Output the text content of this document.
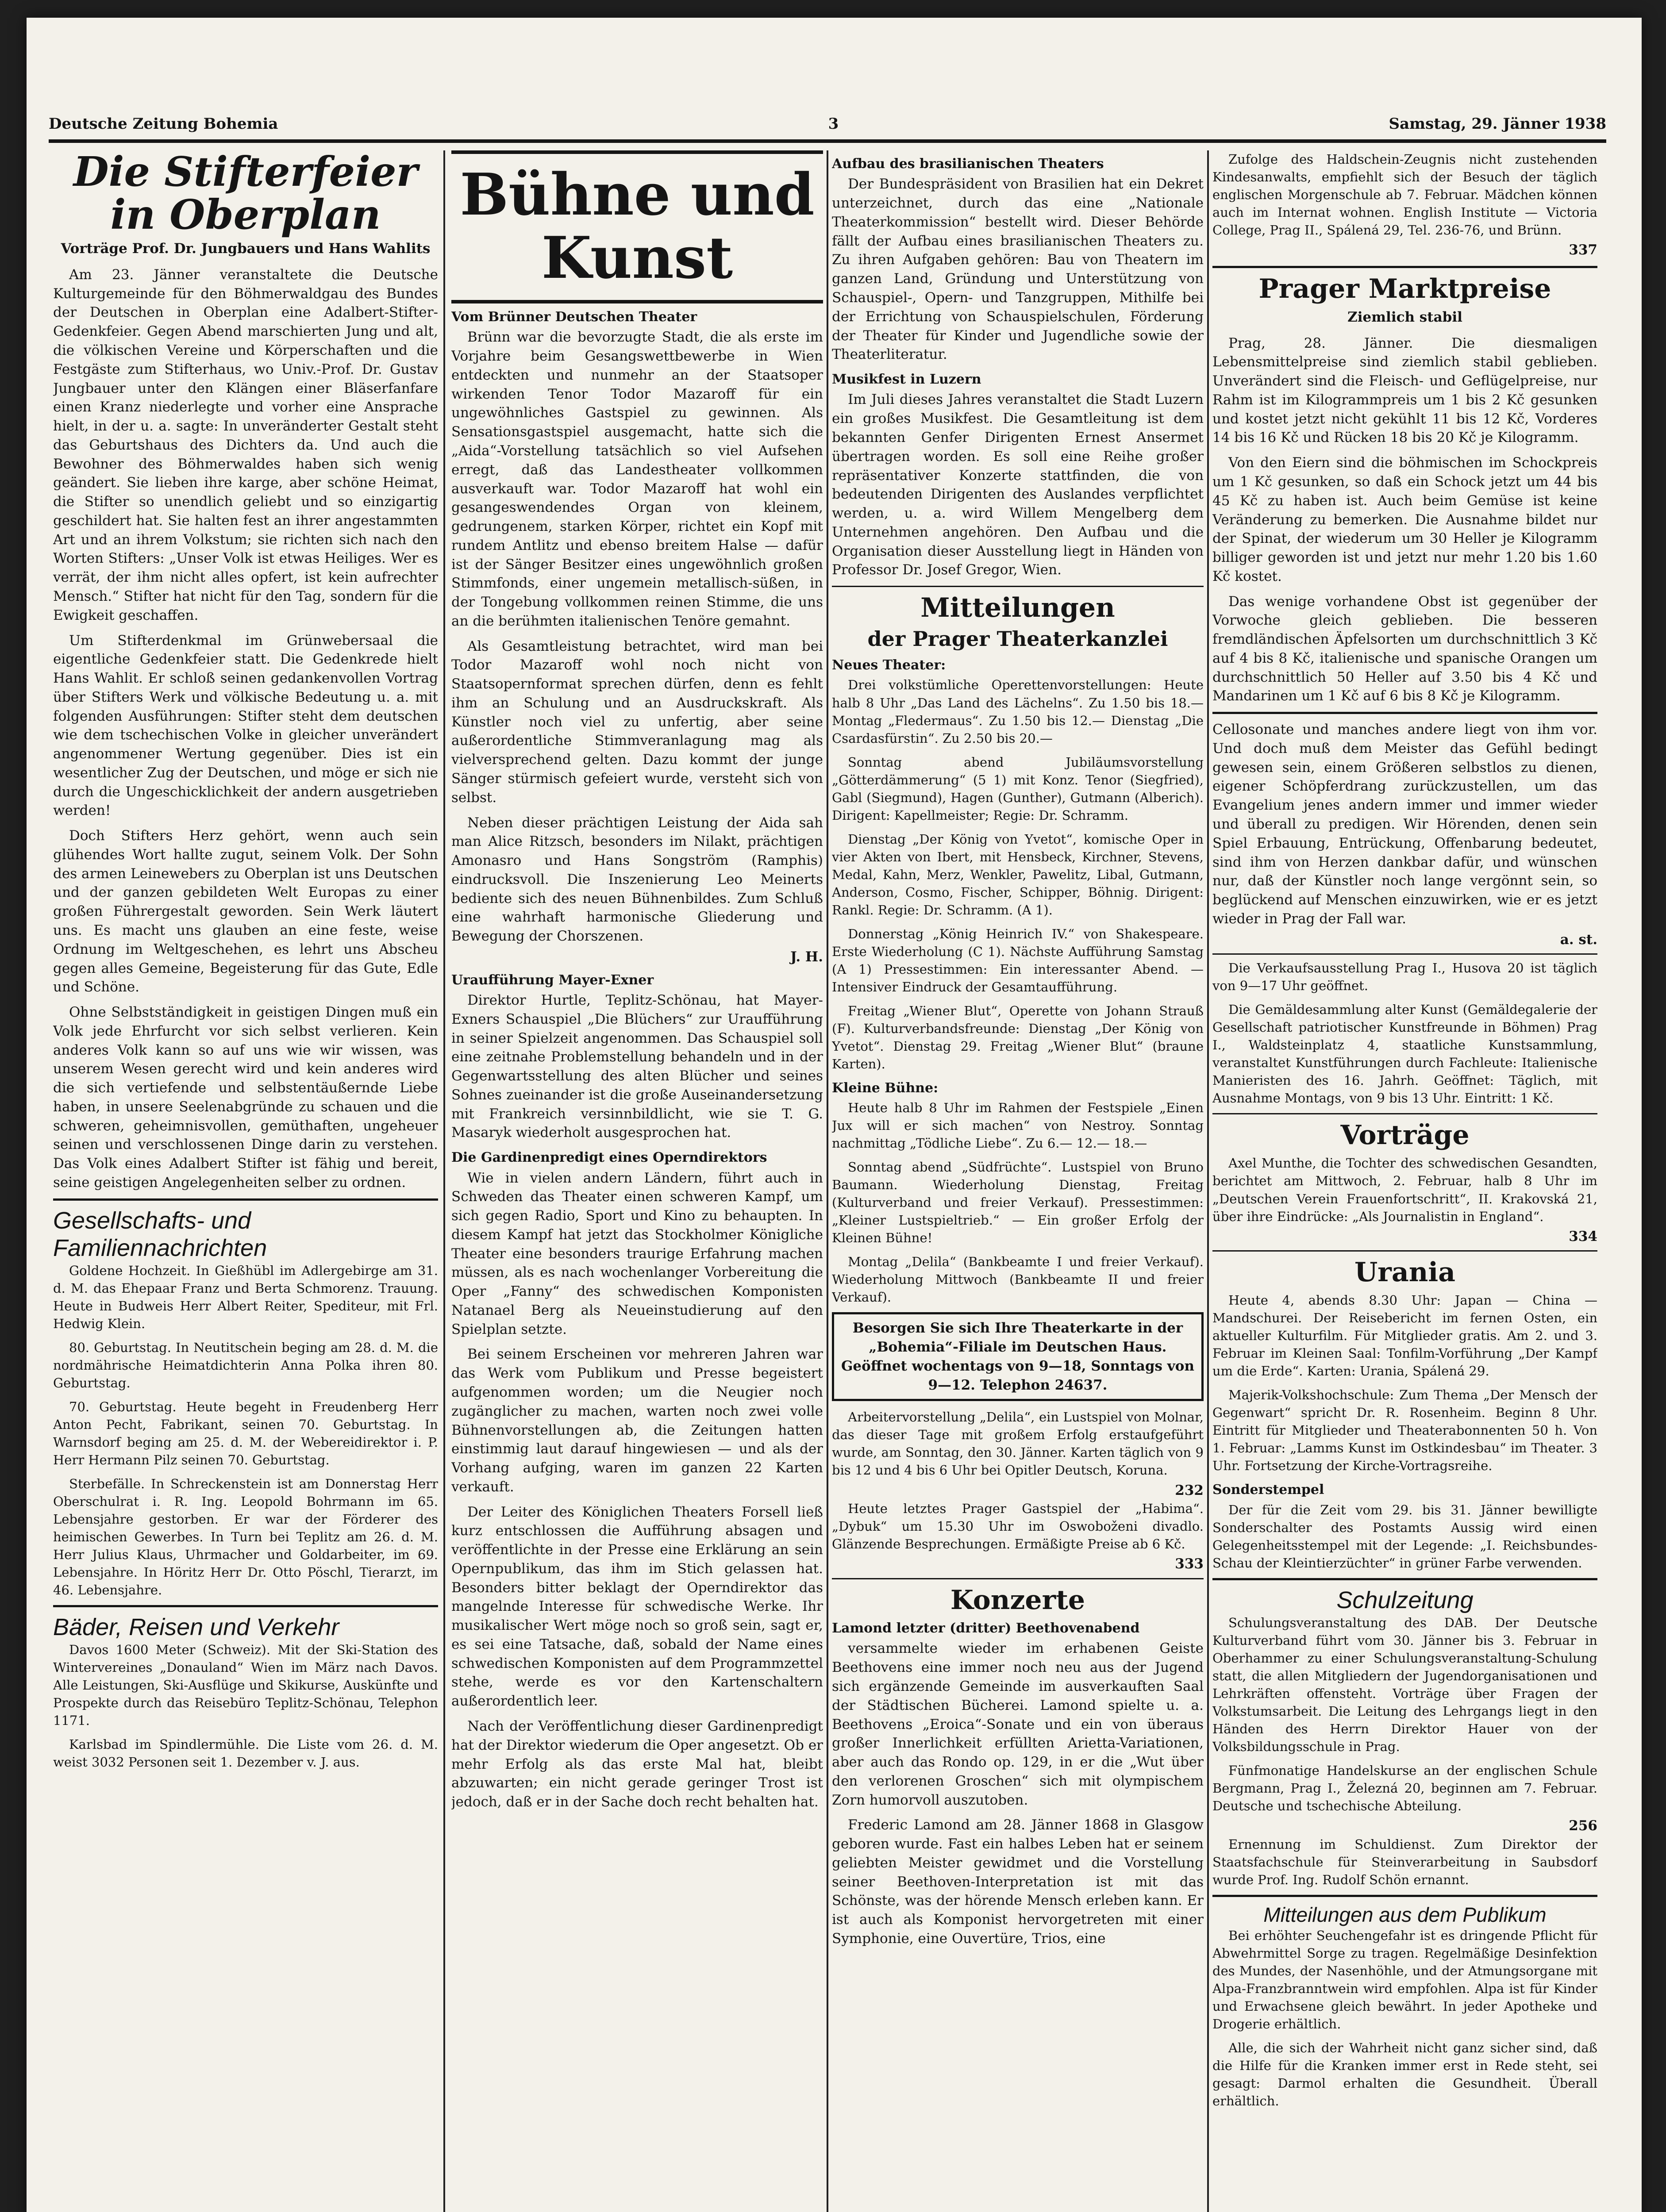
Deutsche Zeitung Bohemia	3	Samstag, 29. Jänner 1938
Die Stifterfeier
in Oberplan
Vorträge Prof. Dr. Jungbauers und Hans Wahlits

Am 23. Jänner veranstaltete die Deutsche Kulturgemeinde für den Böhmerwaldgau des Bundes der Deutschen in Oberplan eine Adalbert-Stifter-Gedenkfeier. Gegen Abend marschierten Jung und alt, die völkischen Vereine und Körperschaften und die Festgäste zum Stifterhaus, wo Univ.-Prof. Dr. Gustav Jungbauer unter den Klängen einer Bläserfanfare einen Kranz niederlegte und vorher eine Ansprache hielt, in der u. a. sagte: In unveränderter Gestalt steht das Geburtshaus des Dichters da. Und auch die Bewohner des Böhmerwaldes haben sich wenig geändert. Sie lieben ihre karge, aber schöne Heimat, die Stifter so unendlich geliebt und so einzigartig geschildert hat. Sie halten fest an ihrer angestammten Art und an ihrem Volkstum; sie richten sich nach den Worten Stifters: „Unser Volk ist etwas Heiliges. Wer es verrät, der ihm nicht alles opfert, ist kein aufrechter Mensch.“ Stifter hat nicht für den Tag, sondern für die Ewigkeit geschaffen.

Um Stifterdenkmal im Grünwebersaal die eigentliche Gedenkfeier statt. Die Gedenkrede hielt Hans Wahlit. Er schloß seinen gedankenvollen Vortrag über Stifters Werk und völkische Bedeutung u. a. mit folgenden Ausführungen: Stifter steht dem deutschen wie dem tschechischen Volke in gleicher unverändert angenommener Wertung gegenüber. Dies ist ein wesentlicher Zug der Deutschen, und möge er sich nie durch die Ungeschicklichkeit der andern ausgetrieben werden!

Doch Stifters Herz gehört, wenn auch sein glühendes Wort hallte zugut, seinem Volk. Der Sohn des armen Leinewebers zu Oberplan ist uns Deutschen und der ganzen gebildeten Welt Europas zu einer großen Führergestalt geworden. Sein Werk läutert uns. Es macht uns glauben an eine feste, weise Ordnung im Weltgeschehen, es lehrt uns Abscheu gegen alles Gemeine, Begeisterung für das Gute, Edle und Schöne.

Ohne Selbstständigkeit in geistigen Dingen muß ein Volk jede Ehrfurcht vor sich selbst verlieren. Kein anderes Volk kann so auf uns wie wir wissen, was unserem Wesen gerecht wird und kein anderes wird die sich vertiefende und selbstentäußernde Liebe haben, in unsere Seelenabgründe zu schauen und die schweren, geheimnisvollen, gemüthaften, ungeheuer seinen und verschlossenen Dinge darin zu verstehen. Das Volk eines Adalbert Stifter ist fähig und bereit, seine geistigen Angelegenheiten selber zu ordnen.

Gesellschafts- und Familiennachrichten

Goldene Hochzeit. In Gießhübl im Adlergebirge am 31. d. M. das Ehepaar Franz und Berta Schmorenz. Trauung. Heute in Budweis Herr Albert Reiter, Spediteur, mit Frl. Hedwig Klein.

80. Geburtstag. In Neutitschein beging am 28. d. M. die nordmährische Heimatdichterin Anna Polka ihren 80. Geburtstag.

70. Geburtstag. Heute begeht in Freudenberg Herr Anton Pecht, Fabrikant, seinen 70. Geburtstag. In Warnsdorf beging am 25. d. M. der Webereidirektor i. P. Herr Hermann Pilz seinen 70. Geburtstag.

Sterbefälle. In Schreckenstein ist am Donnerstag Herr Oberschulrat i. R. Ing. Leopold Bohrmann im 65. Lebensjahre gestorben. Er war der Förderer des heimischen Gewerbes. In Turn bei Teplitz am 26. d. M. Herr Julius Klaus, Uhrmacher und Goldarbeiter, im 69. Lebensjahre. In Höritz Herr Dr. Otto Pöschl, Tierarzt, im 46. Lebensjahre.

Bäder, Reisen und Verkehr

Davos 1600 Meter (Schweiz). Mit der Ski-Station des Wintervereines „Donauland“ Wien im März nach Davos. Alle Leistungen, Ski-Ausflüge und Skikurse, Auskünfte und Prospekte durch das Reisebüro Teplitz-Schönau, Telephon 1171.

Karlsbad im Spindlermühle. Die Liste vom 26. d. M. weist 3032 Personen seit 1. Dezember v. J. aus.

Bühne und Kunst
Vom Brünner Deutschen Theater

Brünn war die bevorzugte Stadt, die als erste im Vorjahre beim Gesangswettbewerbe in Wien entdeckten und nunmehr an der Staatsoper wirkenden Tenor Todor Mazaroff für ein ungewöhnliches Gastspiel zu gewinnen. Als Sensationsgastspiel ausgemacht, hatte sich die „Aida“-Vorstellung tatsächlich so viel Aufsehen erregt, daß das Landestheater vollkommen ausverkauft war. Todor Mazaroff hat wohl ein gesangeswendendes Organ von kleinem, gedrungenem, starken Körper, richtet ein Kopf mit rundem Antlitz und ebenso breitem Halse — dafür ist der Sänger Besitzer eines ungewöhnlich großen Stimmfonds, einer ungemein metallisch-süßen, in der Tongebung vollkommen reinen Stimme, die uns an die berühmten italienischen Tenöre gemahnt.

Als Gesamtleistung betrachtet, wird man bei Todor Mazaroff wohl noch nicht von Staatsopernformat sprechen dürfen, denn es fehlt ihm an Schulung und an Ausdruckskraft. Als Künstler noch viel zu unfertig, aber seine außerordentliche Stimmveranlagung mag als vielversprechend gelten. Dazu kommt der junge Sänger stürmisch gefeiert wurde, versteht sich von selbst.

Neben dieser prächtigen Leistung der Aida sah man Alice Ritzsch, besonders im Nilakt, prächtigen Amonasro und Hans Songström (Ramphis) eindrucksvoll. Die Inszenierung Leo Meinerts bediente sich des neuen Bühnenbildes. Zum Schluß eine wahrhaft harmonische Gliederung und Bewegung der Chorszenen.

J. H.
Uraufführung Mayer-Exner

Direktor Hurtle, Teplitz-Schönau, hat Mayer-Exners Schauspiel „Die Blüchers“ zur Uraufführung in seiner Spielzeit angenommen. Das Schauspiel soll eine zeitnahe Problemstellung behandeln und in der Gegenwartsstellung des alten Blücher und seines Sohnes zueinander ist die große Auseinandersetzung mit Frankreich versinnbildlicht, wie sie T. G. Masaryk wiederholt ausgesprochen hat.

Die Gardinenpredigt eines Operndirektors

Wie in vielen andern Ländern, führt auch in Schweden das Theater einen schweren Kampf, um sich gegen Radio, Sport und Kino zu behaupten. In diesem Kampf hat jetzt das Stockholmer Königliche Theater eine besonders traurige Erfahrung machen müssen, als es nach wochenlanger Vorbereitung die Oper „Fanny“ des schwedischen Komponisten Natanael Berg als Neueinstudierung auf den Spielplan setzte.

Bei seinem Erscheinen vor mehreren Jahren war das Werk vom Publikum und Presse begeistert aufgenommen worden; um die Neugier noch zugänglicher zu machen, warten noch zwei volle Bühnenvorstellungen ab, die Zeitungen hatten einstimmig laut darauf hingewiesen — und als der Vorhang aufging, waren im ganzen 22 Karten verkauft.

Der Leiter des Königlichen Theaters Forsell ließ kurz entschlossen die Aufführung absagen und veröffentlichte in der Presse eine Erklärung an sein Opernpublikum, das ihm im Stich gelassen hat. Besonders bitter beklagt der Operndirektor das mangelnde Interesse für schwedische Werke. Ihr musikalischer Wert möge noch so groß sein, sagt er, es sei eine Tatsache, daß, sobald der Name eines schwedischen Komponisten auf dem Programmzettel stehe, werde es vor den Kartenschaltern außerordentlich leer.

Nach der Veröffentlichung dieser Gardinenpredigt hat der Direktor wiederum die Oper angesetzt. Ob er mehr Erfolg als das erste Mal hat, bleibt abzuwarten; ein nicht gerade geringer Trost ist jedoch, daß er in der Sache doch recht behalten hat.

Aufbau des brasilianischen Theaters

Der Bundespräsident von Brasilien hat ein Dekret unterzeichnet, durch das eine „Nationale Theaterkommission“ bestellt wird. Dieser Behörde fällt der Aufbau eines brasilianischen Theaters zu. Zu ihren Aufgaben gehören: Bau von Theatern im ganzen Land, Gründung und Unterstützung von Schauspiel-, Opern- und Tanzgruppen, Mithilfe bei der Errichtung von Schauspielschulen, Förderung der Theater für Kinder und Jugendliche sowie der Theaterliteratur.

Musikfest in Luzern

Im Juli dieses Jahres veranstaltet die Stadt Luzern ein großes Musikfest. Die Gesamtleitung ist dem bekannten Genfer Dirigenten Ernest Ansermet übertragen worden. Es soll eine Reihe großer repräsentativer Konzerte stattfinden, die von bedeutenden Dirigenten des Auslandes verpflichtet werden, u. a. wird Willem Mengelberg dem Unternehmen angehören. Den Aufbau und die Organisation dieser Ausstellung liegt in Händen von Professor Dr. Josef Gregor, Wien.

Mitteilungen
der Prager Theaterkanzlei
Neues Theater:

Drei volkstümliche Operettenvorstellungen: Heute halb 8 Uhr „Das Land des Lächelns“. Zu 1.50 bis 18.— Montag „Fledermaus“. Zu 1.50 bis 12.— Dienstag „Die Csardasfürstin“. Zu 2.50 bis 20.—

Sonntag abend Jubiläumsvorstellung „Götterdämmerung“ (5 1) mit Konz. Tenor (Siegfried), Gabl (Siegmund), Hagen (Gunther), Gutmann (Alberich). Dirigent: Kapellmeister; Regie: Dr. Schramm.

Dienstag „Der König von Yvetot“, komische Oper in vier Akten von Ibert, mit Hensbeck, Kirchner, Stevens, Medal, Kahn, Merz, Wenkler, Pawelitz, Libal, Gutmann, Anderson, Cosmo, Fischer, Schipper, Böhnig. Dirigent: Rankl. Regie: Dr. Schramm. (A 1).

Donnerstag „König Heinrich IV.“ von Shakespeare. Erste Wiederholung (C 1). Nächste Aufführung Samstag (A 1) Pressestimmen: Ein interessanter Abend. — Intensiver Eindruck der Gesamtaufführung.

Freitag „Wiener Blut“, Operette von Johann Strauß (F). Kulturverbandsfreunde: Dienstag „Der König von Yvetot“. Dienstag 29. Freitag „Wiener Blut“ (braune Karten).

Kleine Bühne:

Heute halb 8 Uhr im Rahmen der Festspiele „Einen Jux will er sich machen“ von Nestroy. Sonntag nachmittag „Tödliche Liebe“. Zu 6.— 12.— 18.—

Sonntag abend „Südfrüchte“. Lustspiel von Bruno Baumann. Wiederholung Dienstag, Freitag (Kulturverband und freier Verkauf). Pressestimmen: „Kleiner Lustspieltrieb.“ — Ein großer Erfolg der Kleinen Bühne!

Montag „Delila“ (Bankbeamte I und freier Verkauf). Wiederholung Mittwoch (Bankbeamte II und freier Verkauf).

Besorgen Sie sich Ihre Theaterkarte in der „Bohemia“-Filiale im Deutschen Haus. Geöffnet wochentags von 9—18, Sonntags von 9—12. Telephon 24637.

Arbeitervorstellung „Delila“, ein Lustspiel von Molnar, das dieser Tage mit großem Erfolg erstaufgeführt wurde, am Sonntag, den 30. Jänner. Karten täglich von 9 bis 12 und 4 bis 6 Uhr bei Opitler Deutsch, Koruna.

232

Heute letztes Prager Gastspiel der „Habima“. „Dybuk“ um 15.30 Uhr im Oswoboženi divadlo. Glänzende Besprechungen. Ermäßigte Preise ab 6 Kč.

333
Konzerte
Lamond letzter (dritter) Beethovenabend

versammelte wieder im erhabenen Geiste Beethovens eine immer noch neu aus der Jugend sich ergänzende Gemeinde im ausverkauften Saal der Städtischen Bücherei. Lamond spielte u. a. Beethovens „Eroica“-Sonate und ein von überaus großer Innerlichkeit erfüllten Arietta-Variationen, aber auch das Rondo op. 129, in er die „Wut über den verlorenen Groschen“ sich mit olympischem Zorn humorvoll auszutoben.

Frederic Lamond am 28. Jänner 1868 in Glasgow geboren wurde. Fast ein halbes Leben hat er seinem geliebten Meister gewidmet und die Vorstellung seiner Beethoven-Interpretation ist mit das Schönste, was der hörende Mensch erleben kann. Er ist auch als Komponist hervorgetreten mit einer Symphonie, eine Ouvertüre, Trios, eine

Zufolge des Haldschein-Zeugnis nicht zustehenden Kindesanwalts, empfiehlt sich der Besuch der täglich englischen Morgenschule ab 7. Februar. Mädchen können auch im Internat wohnen. English Institute — Victoria College, Prag II., Spálená 29, Tel. 236-76, und Brünn.

337
Prager Marktpreise
Ziemlich stabil

Prag, 28. Jänner. Die diesmaligen Lebensmittelpreise sind ziemlich stabil geblieben. Unverändert sind die Fleisch- und Geflügelpreise, nur Rahm ist im Kilogrammpreis um 1 bis 2 Kč gesunken und kostet jetzt nicht gekühlt 11 bis 12 Kč, Vorderes 14 bis 16 Kč und Rücken 18 bis 20 Kč je Kilogramm.

Von den Eiern sind die böhmischen im Schockpreis um 1 Kč gesunken, so daß ein Schock jetzt um 44 bis 45 Kč zu haben ist. Auch beim Gemüse ist keine Veränderung zu bemerken. Die Ausnahme bildet nur der Spinat, der wiederum um 30 Heller je Kilogramm billiger geworden ist und jetzt nur mehr 1.20 bis 1.60 Kč kostet.

Das wenige vorhandene Obst ist gegenüber der Vorwoche gleich geblieben. Die besseren fremdländischen Äpfelsorten um durchschnittlich 3 Kč auf 4 bis 8 Kč, italienische und spanische Orangen um durchschnittlich 50 Heller auf 3.50 bis 4 Kč und Mandarinen um 1 Kč auf 6 bis 8 Kč je Kilogramm.

Cellosonate und manches andere liegt von ihm vor. Und doch muß dem Meister das Gefühl bedingt gewesen sein, einem Größeren selbstlos zu dienen, eigener Schöpferdrang zurückzustellen, um das Evangelium jenes andern immer und immer wieder und überall zu predigen. Wir Hörenden, denen sein Spiel Erbauung, Entrückung, Offenbarung bedeutet, sind ihm von Herzen dankbar dafür, und wünschen nur, daß der Künstler noch lange vergönnt sein, so beglückend auf Menschen einzuwirken, wie er es jetzt wieder in Prag der Fall war.

a. st.

Die Verkaufsausstellung Prag I., Husova 20 ist täglich von 9—17 Uhr geöffnet.

Die Gemäldesammlung alter Kunst (Gemäldegalerie der Gesellschaft patriotischer Kunstfreunde in Böhmen) Prag I., Waldsteinplatz 4, staatliche Kunstsammlung, veranstaltet Kunstführungen durch Fachleute: Italienische Manieristen des 16. Jahrh. Geöffnet: Täglich, mit Ausnahme Montags, von 9 bis 13 Uhr. Eintritt: 1 Kč.

Vorträge

Axel Munthe, die Tochter des schwedischen Gesandten, berichtet am Mittwoch, 2. Februar, halb 8 Uhr im „Deutschen Verein Frauenfortschritt“, II. Krakovská 21, über ihre Eindrücke: „Als Journalistin in England“.

334
Urania

Heute 4, abends 8.30 Uhr: Japan — China — Mandschurei. Der Reisebericht im fernen Osten, ein aktueller Kulturfilm. Für Mitglieder gratis. Am 2. und 3. Februar im Kleinen Saal: Tonfilm-Vorführung „Der Kampf um die Erde“. Karten: Urania, Spálená 29.

Majerik-Volkshochschule: Zum Thema „Der Mensch der Gegenwart“ spricht Dr. R. Rosenheim. Beginn 8 Uhr. Eintritt für Mitglieder und Theaterabonnenten 50 h. Von 1. Februar: „Lamms Kunst im Ostkindesbau“ im Theater. 3 Uhr. Fortsetzung der Kirche-Vortragsreihe.

Sonderstempel

Der für die Zeit vom 29. bis 31. Jänner bewilligte Sonderschalter des Postamts Aussig wird einen Gelegenheitsstempel mit der Legende: „I. Reichsbundes-Schau der Kleintierzüchter“ in grüner Farbe verwenden.

Schulzeitung

Schulungsveranstaltung des DAB. Der Deutsche Kulturverband führt vom 30. Jänner bis 3. Februar in Oberhammer zu einer Schulungsveranstaltung-Schulung statt, die allen Mitgliedern der Jugendorganisationen und Lehrkräften offensteht. Vorträge über Fragen der Volkstumsarbeit. Die Leitung des Lehrgangs liegt in den Händen des Herrn Direktor Hauer von der Volksbildungsschule in Prag.

Fünfmonatige Handelskurse an der englischen Schule Bergmann, Prag I., Železná 20, beginnen am 7. Februar. Deutsche und tschechische Abteilung.

256

Ernennung im Schuldienst. Zum Direktor der Staatsfachschule für Steinverarbeitung in Saubsdorf wurde Prof. Ing. Rudolf Schön ernannt.

Mitteilungen aus dem Publikum

Bei erhöhter Seuchengefahr ist es dringende Pflicht für Abwehrmittel Sorge zu tragen. Regelmäßige Desinfektion des Mundes, der Nasenhöhle, und der Atmungsorgane mit Alpa-Franzbranntwein wird empfohlen. Alpa ist für Kinder und Erwachsene gleich bewährt. In jeder Apotheke und Drogerie erhältlich.

Alle, die sich der Wahrheit nicht ganz sicher sind, daß die Hilfe für die Kranken immer erst in Rede steht, sei gesagt: Darmol erhalten die Gesundheit. Überall erhältlich.
